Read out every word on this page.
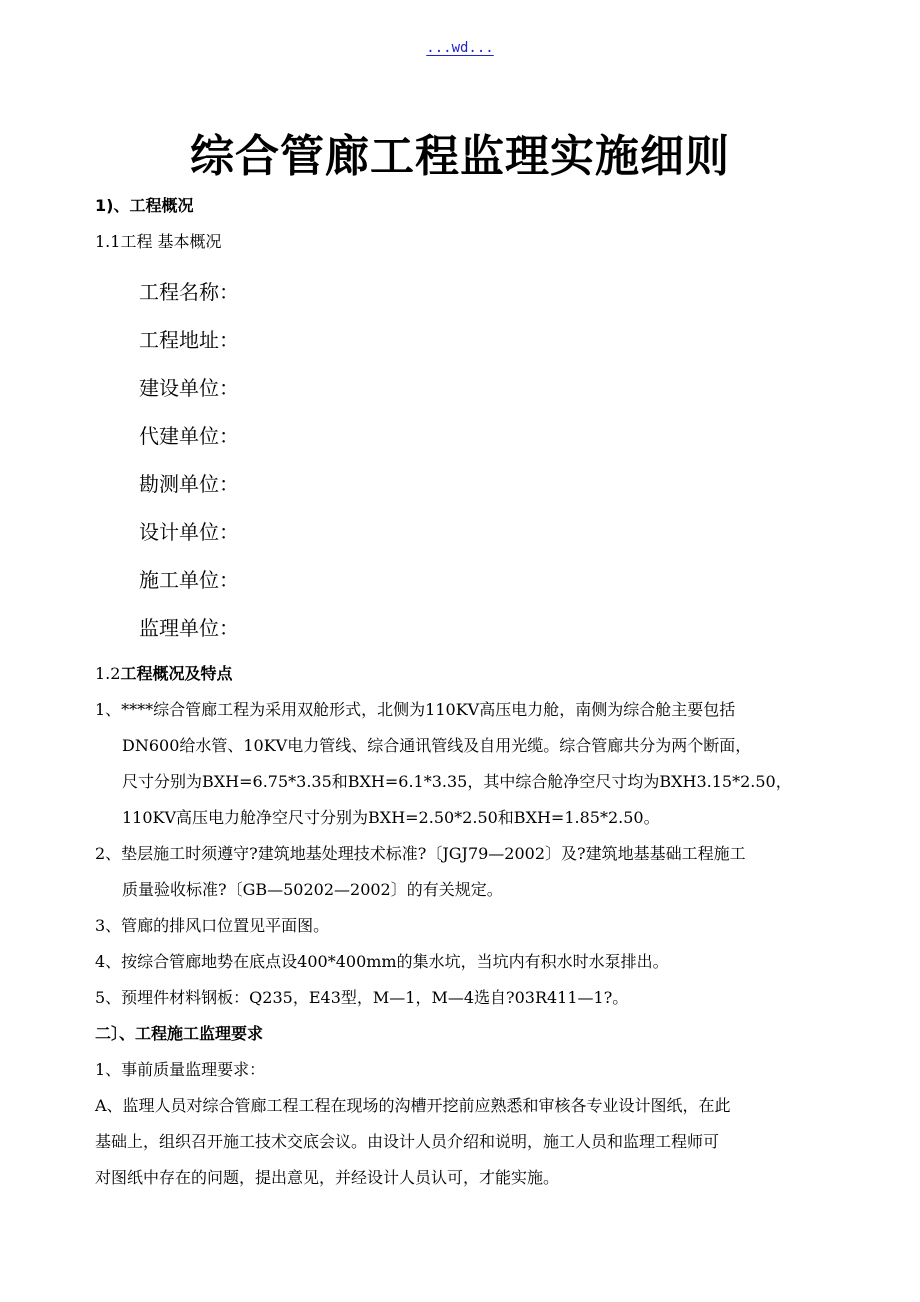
...wd...
综合管廊工程监理实施细则

1)、工程概况

1.1工程 基本概况

工程名称：

工程地址：

建设单位：

代建单位：

勘测单位：

设计单位：

施工单位：

监理单位：

1.2工程概况及特点

1、****综合管廊工程为采用双舱形式，北侧为110KV高压电力舱，南侧为综合舱主要包括

DN600给水管、10KV电力管线、综合通讯管线及自用光缆。综合管廊共分为两个断面，

尺寸分别为BXH=6.75*3.35和BXH=6.1*3.35，其中综合舱净空尺寸均为BXH3.15*2.50，

110KV高压电力舱净空尺寸分别为BXH=2.50*2.50和BXH=1.85*2.50。

2、垫层施工时须遵守?建筑地基处理技术标准?〔JGJ79—2002〕及?建筑地基基础工程施工

质量验收标准?〔GB—50202—2002〕的有关规定。

3、管廊的排风口位置见平面图。

4、按综合管廊地势在底点设400*400mm的集水坑，当坑内有积水时水泵排出。

5、预埋件材料钢板：Q235，E43型，M—1，M—4选自?03R411—1?。

二〕、工程施工监理要求

1、事前质量监理要求：

A、监理人员对综合管廊工程工程在现场的沟槽开挖前应熟悉和审核各专业设计图纸，在此

基础上，组织召开施工技术交底会议。由设计人员介绍和说明，施工人员和监理工程师可

对图纸中存在的问题，提出意见，并经设计人员认可，才能实施。
